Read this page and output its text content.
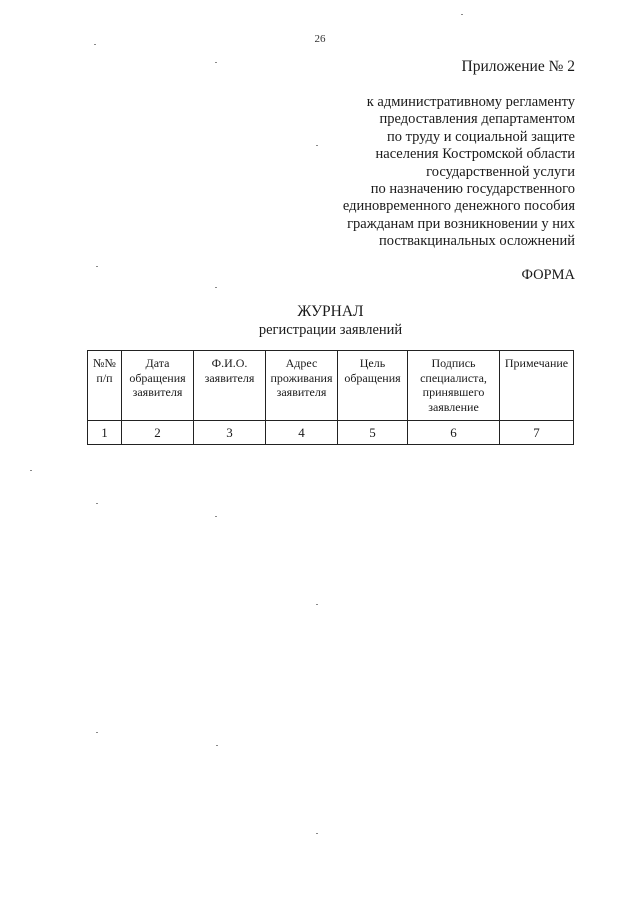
26
Приложение № 2
к административному регламенту
предоставления департаментом
по труду и социальной защите
населения Костромской области
государственной услуги
по назначению государственного
единовременного денежного пособия
гражданам при возникновении у них
поствакцинальных осложнений
ФОРМА
ЖУРНАЛ
регистрации заявлений
№№ п/п	Дата обращения заявителя	Ф.И.О. заявителя	Адрес проживания заявителя	Цель обращения	Подпись специалиста, принявшего заявление	Примечание
1	2	3	4	5	6	7
